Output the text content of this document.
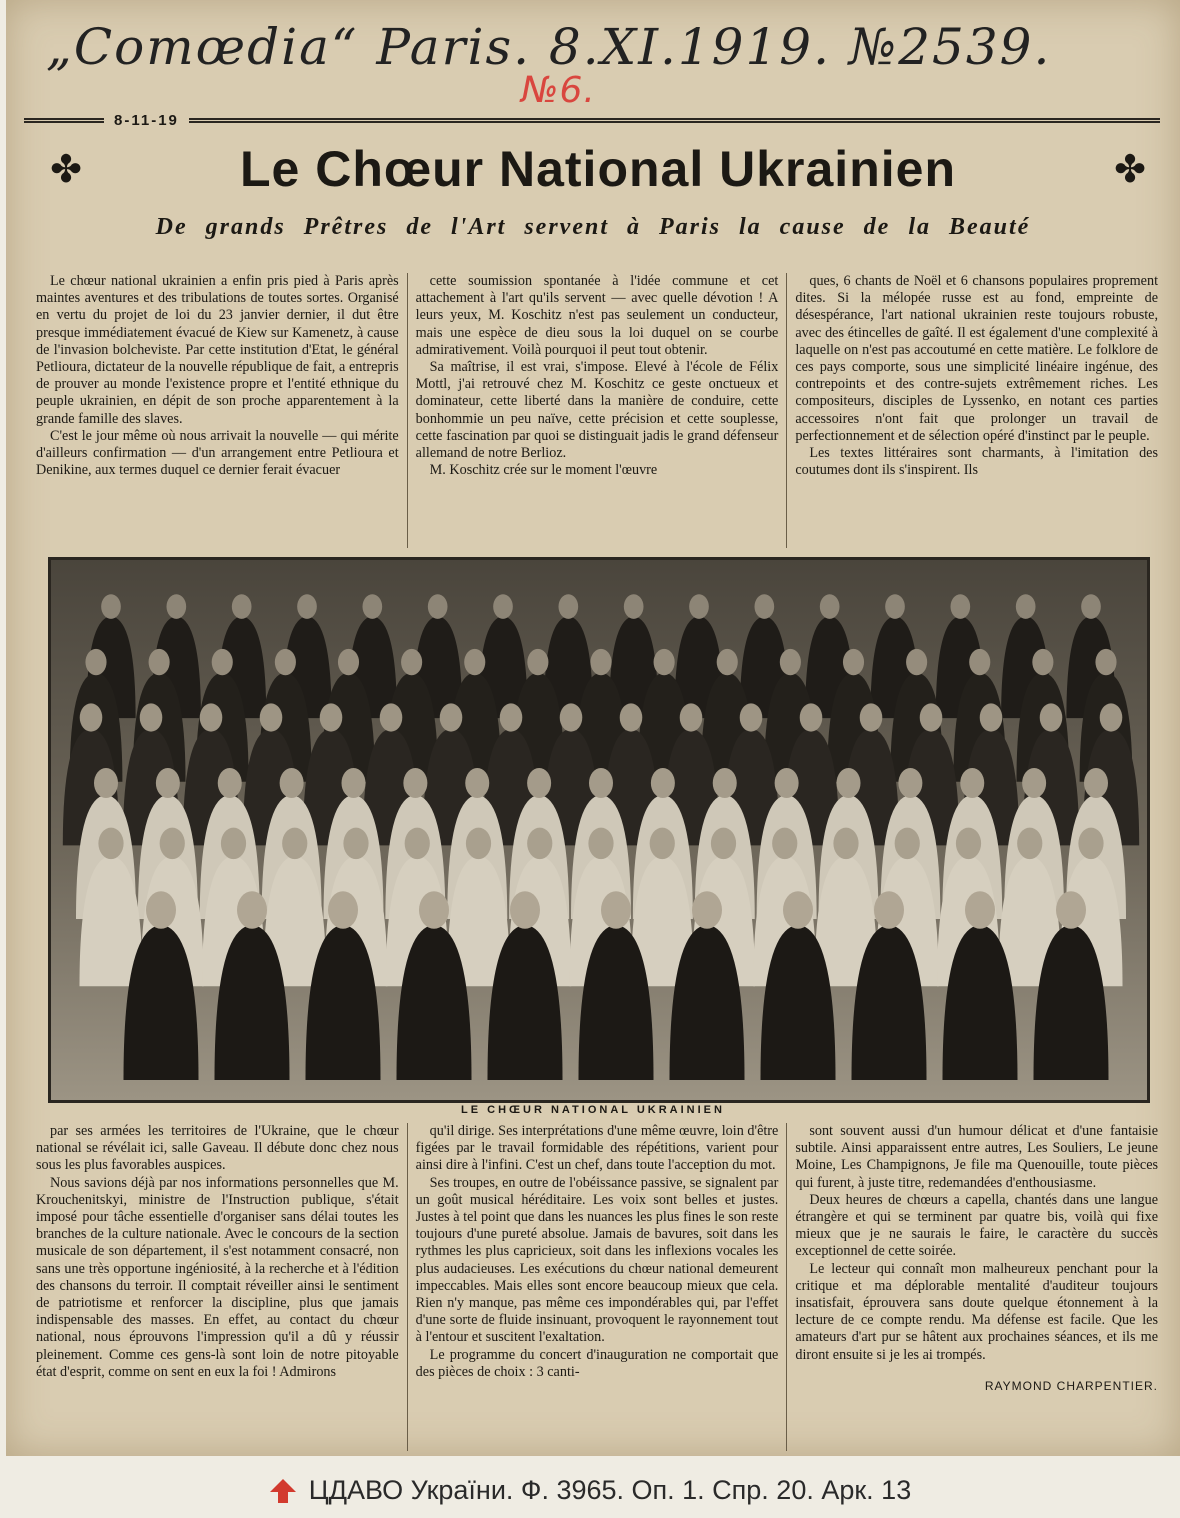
„Comœdia“ Paris. 8.XI.1919. №2539.
№6.
8-11-19
✤	Le Chœur National Ukrainien	✤
De grands Prêtres de l'Art servent à Paris la cause de la Beauté

Le chœur national ukrainien a enfin pris pied à Paris après maintes aventures et des tribulations de toutes sortes. Organisé en vertu du projet de loi du 23 janvier dernier, il dut être presque immédiatement évacué de Kiew sur Kamenetz, à cause de l'invasion bolcheviste. Par cette institution d'Etat, le général Petlioura, dictateur de la nouvelle république de fait, a entrepris de prouver au monde l'existence propre et l'entité ethnique du peuple ukrainien, en dépit de son proche apparentement à la grande famille des slaves.

C'est le jour même où nous arrivait la nouvelle — qui mérite d'ailleurs confirmation — d'un arrangement entre Petlioura et Denikine, aux termes duquel ce dernier ferait évacuer

cette soumission spontanée à l'idée commune et cet attachement à l'art qu'ils servent — avec quelle dévotion ! A leurs yeux, M. Koschitz n'est pas seulement un conducteur, mais une espèce de dieu sous la loi duquel on se courbe admirativement. Voilà pourquoi il peut tout obtenir.

Sa maîtrise, il est vrai, s'impose. Elevé à l'école de Félix Mottl, j'ai retrouvé chez M. Koschitz ce geste onctueux et dominateur, cette liberté dans la manière de conduire, cette bonhommie un peu naïve, cette précision et cette souplesse, cette fascination par quoi se distinguait jadis le grand défenseur allemand de notre Berlioz.

M. Koschitz crée sur le moment l'œuvre

ques, 6 chants de Noël et 6 chansons populaires proprement dites. Si la mélopée russe est au fond, empreinte de désespérance, l'art national ukrainien reste toujours robuste, avec des étincelles de gaîté. Il est également d'une complexité à laquelle on n'est pas accoutumé en cette matière. Le folklore de ces pays comporte, sous une simplicité linéaire ingénue, des contrepoints et des contre-sujets extrêmement riches. Les compositeurs, disciples de Lyssenko, en notant ces parties accessoires n'ont fait que prolonger un travail de perfectionnement et de sélection opéré d'instinct par le peuple.

Les textes littéraires sont charmants, à l'imitation des coutumes dont ils s'inspirent. Ils

LE CHŒUR NATIONAL UKRAINIEN

par ses armées les territoires de l'Ukraine, que le chœur national se révélait ici, salle Gaveau. Il débute donc chez nous sous les plus favorables auspices.

Nous savions déjà par nos informations personnelles que M. Krouchenitskyi, ministre de l'Instruction publique, s'était imposé pour tâche essentielle d'organiser sans délai toutes les branches de la culture nationale. Avec le concours de la section musicale de son département, il s'est notamment consacré, non sans une très opportune ingéniosité, à la recherche et à l'édition des chansons du terroir. Il comptait réveiller ainsi le sentiment de patriotisme et renforcer la discipline, plus que jamais indispensable des masses. En effet, au contact du chœur national, nous éprouvons l'impression qu'il a dû y réussir pleinement. Comme ces gens-là sont loin de notre pitoyable état d'esprit, comme on sent en eux la foi ! Admirons

qu'il dirige. Ses interprétations d'une même œuvre, loin d'être figées par le travail formidable des répétitions, varient pour ainsi dire à l'infini. C'est un chef, dans toute l'acception du mot.

Ses troupes, en outre de l'obéissance passive, se signalent par un goût musical héréditaire. Les voix sont belles et justes. Justes à tel point que dans les nuances les plus fines le son reste toujours d'une pureté absolue. Jamais de bavures, soit dans les rythmes les plus capricieux, soit dans les inflexions vocales les plus audacieuses. Les exécutions du chœur national demeurent impeccables. Mais elles sont encore beaucoup mieux que cela. Rien n'y manque, pas même ces impondérables qui, par l'effet d'une sorte de fluide insinuant, provoquent le rayonnement tout à l'entour et suscitent l'exaltation.

Le programme du concert d'inauguration ne comportait que des pièces de choix : 3 canti-

sont souvent aussi d'un humour délicat et d'une fantaisie subtile. Ainsi apparaissent entre autres, Les Souliers, Le jeune Moine, Les Champignons, Je file ma Quenouille, toute pièces qui furent, à juste titre, redemandées d'enthousiasme.

Deux heures de chœurs a capella, chantés dans une langue étrangère et qui se terminent par quatre bis, voilà qui fixe mieux que je ne saurais le faire, le caractère du succès exceptionnel de cette soirée.

Le lecteur qui connaît mon malheureux penchant pour la critique et ma déplorable mentalité d'auditeur toujours insatisfait, éprouvera sans doute quelque étonnement à la lecture de ce compte rendu. Ma défense est facile. Que les amateurs d'art pur se hâtent aux prochaines séances, et ils me diront ensuite si je les ai trompés.

RAYMOND CHARPENTIER.
ЦДАВО України. Ф. 3965. Оп. 1. Спр. 20. Арк. 13
